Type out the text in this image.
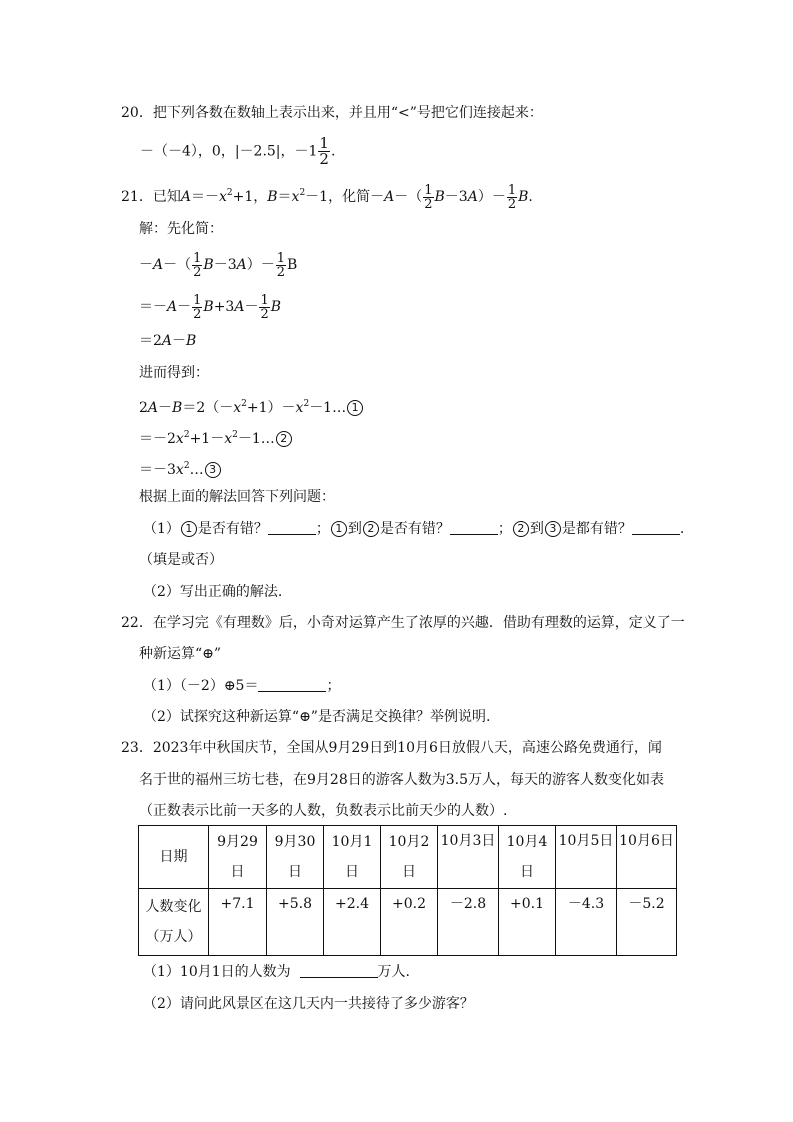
20．把下列各数在数轴上表示出来，并且用“<”号把它们连接起来：
－（－4），0，|－2.5|，$-1 \frac{1}{2}$ .
21．已知$A=-x^2+1$，$B=x^2-1$，化简$-A-( \frac{1}{2} B-3A)- \frac{1}{2} B$.
解：先化简：
$-A-( \frac{1}{2} B-3A)- \frac{1}{2}$ B
$=-A- \frac{1}{2} B+3A- \frac{1}{2}$ B
＝2A－B
进而得到：
$2A-B=2(-x^2+1)-x^2-1\dots$ 1
$=-2x^2+1-x^2-1\dots$ 2
$=-3x^2\dots$ 3
根据上面的解法回答下列问题：
（1） 1 是否有错？	； 1 到 2 是否有错？	； 2 到 3 是都有错？	.
（填是或否）
（2）写出正确的解法.
22．在学习完《有理数》后，小奇对运算产生了浓厚的兴趣．借助有理数的运算，定义了一
种新运算“⊕”
（1）（－2）⊕5＝	；
（2）试探究这种新运算“⊕”是否满足交换律？举例说明.
23．2023年中秋国庆节，全国从9月29日到10月6日放假八天，高速公路免费通行，闻
名于世的福州三坊七巷，在9月28日的游客人数为3.5万人，每天的游客人数变化如表
（正数表示比前一天多的人数，负数表示比前天少的人数）.
日期	9月29日	9月30日	10月1日	10月2日	10月3日	10月4日	10月5日	10月6日
人数变化（万人）	+7.1	+5.8	+2.4	+0.2	－2.8	+0.1	－4.3	－5.2
（1）10月1日的人数为	万人.
（2）请问此风景区在这几天内一共接待了多少游客？
